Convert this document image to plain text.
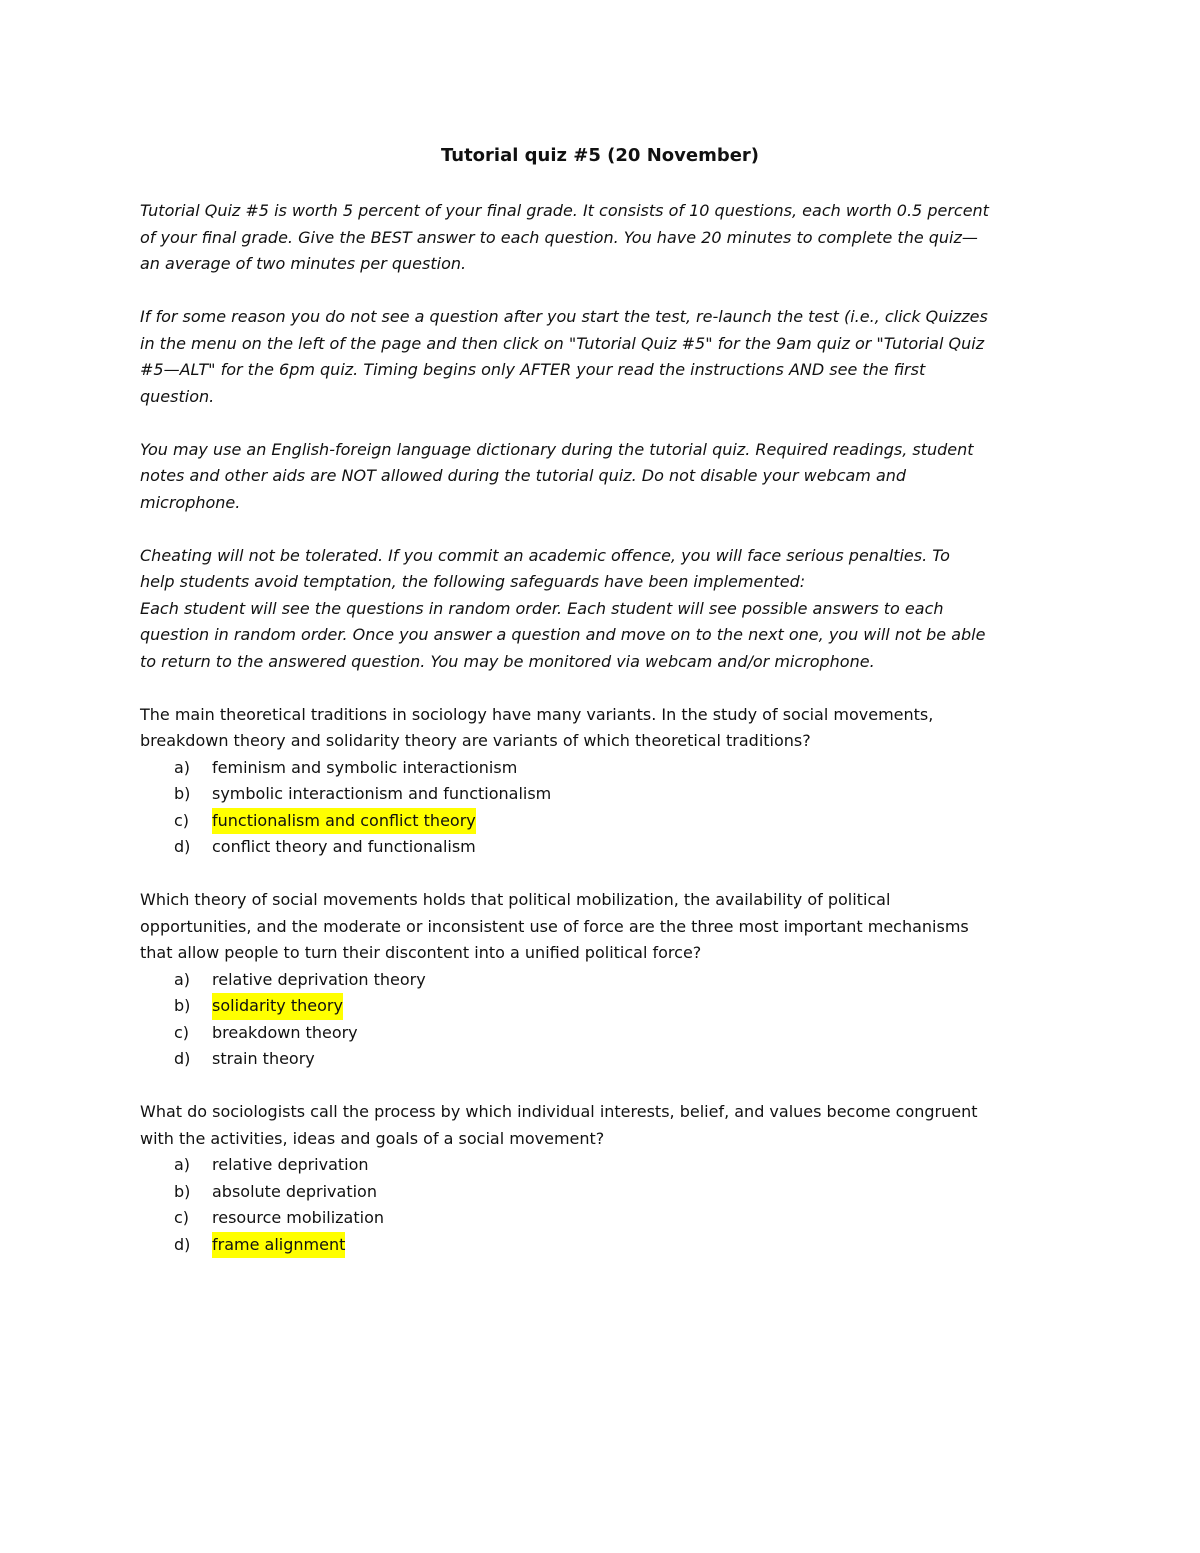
Tutorial quiz #5 (20 November)
Tutorial Quiz #5 is worth 5 percent of your final grade. It consists of 10 questions, each worth 0.5 percent
of your final grade. Give the BEST answer to each question. You have 20 minutes to complete the quiz—
an average of two minutes per question.
If for some reason you do not see a question after you start the test, re-launch the test (i.e., click Quizzes
in the menu on the left of the page and then click on "Tutorial Quiz #5" for the 9am quiz or "Tutorial Quiz
#5—ALT" for the 6pm quiz. Timing begins only AFTER your read the instructions AND see the first
question.
You may use an English-foreign language dictionary during the tutorial quiz. Required readings, student
notes and other aids are NOT allowed during the tutorial quiz. Do not disable your webcam and
microphone.
Cheating will not be tolerated. If you commit an academic offence, you will face serious penalties. To
help students avoid temptation, the following safeguards have been implemented:
Each student will see the questions in random order. Each student will see possible answers to each
question in random order. Once you answer a question and move on to the next one, you will not be able
to return to the answered question. You may be monitored via webcam and/or microphone.

The main theoretical traditions in sociology have many variants. In the study of social movements,
breakdown theory and solidarity theory are variants of which theoretical traditions?

a)	feminism and symbolic interactionism
b)	symbolic interactionism and functionalism
c)	functionalism and conflict theory
d)	conflict theory and functionalism

Which theory of social movements holds that political mobilization, the availability of political
opportunities, and the moderate or inconsistent use of force are the three most important mechanisms
that allow people to turn their discontent into a unified political force?

a)	relative deprivation theory
b)	solidarity theory
c)	breakdown theory
d)	strain theory

What do sociologists call the process by which individual interests, belief, and values become congruent
with the activities, ideas and goals of a social movement?

a)	relative deprivation
b)	absolute deprivation
c)	resource mobilization
d)	frame alignment
